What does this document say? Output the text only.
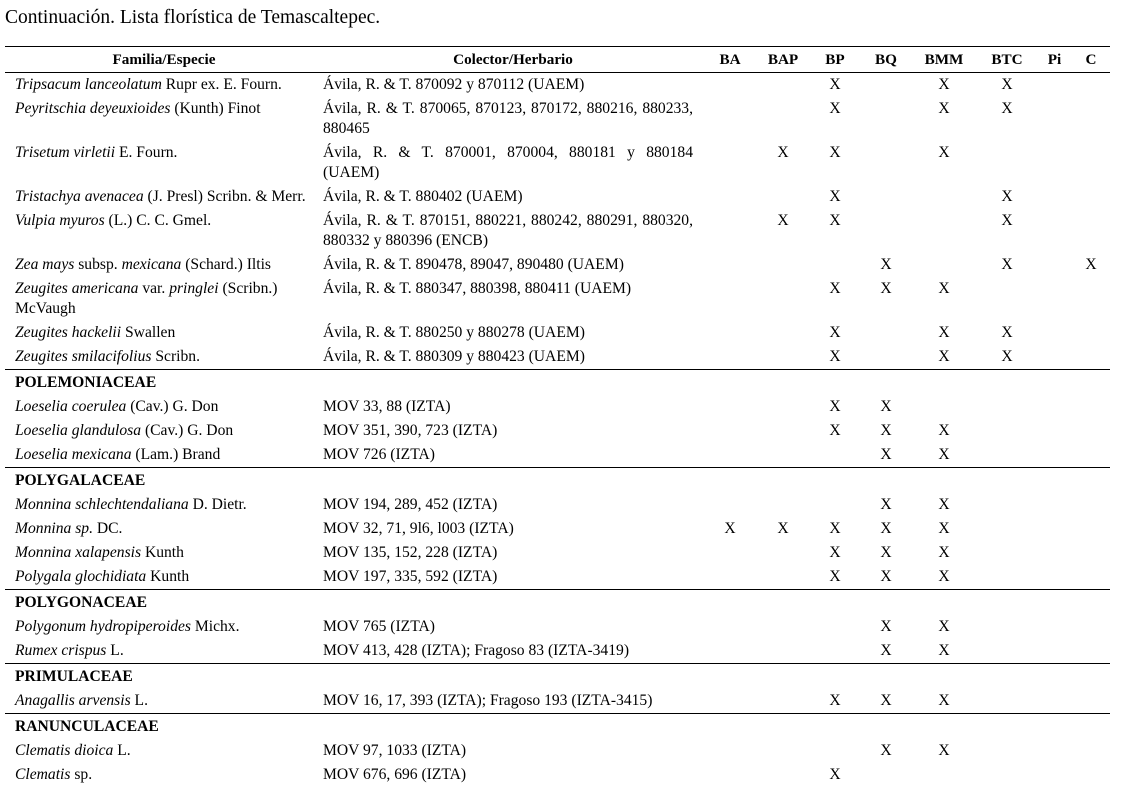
Continuación. Lista florística de Temascaltepec.
Familia/Especie	Colector/Herbario	BA	BAP	BP	BQ	BMM	BTC	Pi	C
Tripsacum lanceolatum Rupr ex. E. Fourn.	Ávila, R. & T. 870092 y 870112 (UAEM)			X		X	X		
Peyritschia deyeuxioides (Kunth) Finot	Ávila, R. & T. 870065, 870123, 870172, 880216, 880233, 880465			X		X	X		
Trisetum virletii E. Fourn.	Ávila, R. & T. 870001, 870004, 880181 y 880184 (UAEM)		X	X		X			
Tristachya avenacea (J. Presl) Scribn. & Merr.	Ávila, R. & T. 880402 (UAEM)			X			X		
Vulpia myuros (L.) C. C. Gmel.	Ávila, R. & T. 870151, 880221, 880242, 880291, 880320, 880332 y 880396 (ENCB)		X	X			X		
Zea mays subsp. mexicana (Schard.) Iltis	Ávila, R. & T. 890478, 89047, 890480 (UAEM)				X		X		X
Zeugites americana var. pringlei (Scribn.) McVaugh	Ávila, R. & T. 880347, 880398, 880411 (UAEM)			X	X	X			
Zeugites hackelii Swallen	Ávila, R. & T. 880250 y 880278 (UAEM)			X		X	X		
Zeugites smilacifolius Scribn.	Ávila, R. & T. 880309 y 880423 (UAEM)			X		X	X		
POLEMONIACEAE									
Loeselia coerulea (Cav.) G. Don	MOV 33, 88 (IZTA)			X	X				
Loeselia glandulosa (Cav.) G. Don	MOV 351, 390, 723 (IZTA)			X	X	X			
Loeselia mexicana (Lam.) Brand	MOV 726 (IZTA)				X	X			
POLYGALACEAE									
Monnina schlechtendaliana D. Dietr.	MOV 194, 289, 452 (IZTA)				X	X			
Monnina sp. DC.	MOV 32, 71, 9l6, l003 (IZTA)	X	X	X	X	X			
Monnina xalapensis Kunth	MOV 135, 152, 228 (IZTA)			X	X	X			
Polygala glochidiata Kunth	MOV 197, 335, 592 (IZTA)			X	X	X			
POLYGONACEAE									
Polygonum hydropiperoides Michx.	MOV 765 (IZTA)				X	X			
Rumex crispus L.	MOV 413, 428 (IZTA); Fragoso 83 (IZTA-3419)				X	X			
PRIMULACEAE									
Anagallis arvensis L.	MOV 16, 17, 393 (IZTA); Fragoso 193 (IZTA-3415)			X	X	X			
RANUNCULACEAE									
Clematis dioica L.	MOV 97, 1033 (IZTA)				X	X			
Clematis sp.	MOV 676, 696 (IZTA)			X					
